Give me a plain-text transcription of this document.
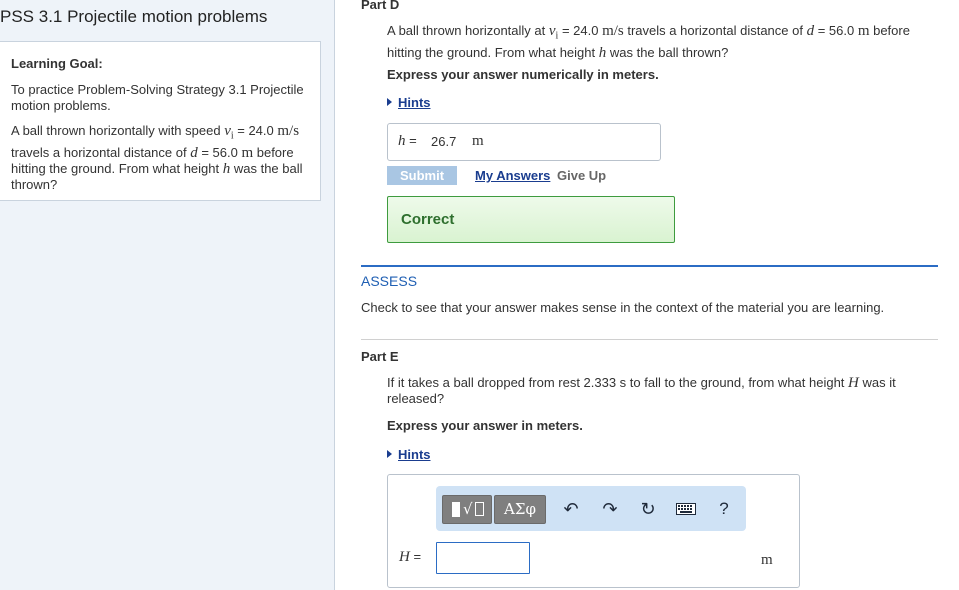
PSS 3.1 Projectile motion problems
Learning Goal:
To practice Problem-Solving Strategy 3.1 Projectile motion problems.
A ball thrown horizontally with speed $v_i = 24.0$ m/s travels a horizontal distance of d = 56.0 m before hitting the ground. From what height h was the ball thrown?
Part D
A ball thrown horizontally at $v_i = 24.0$ m/s travels a horizontal distance of d = 56.0 m before hitting the ground. From what height h was the ball thrown?
Express your answer numerically in meters.
Hints
h = 26.7 m
Submit	My Answers Give Up
Correct
ASSESS
Check to see that your answer makes sense in the context of the material you are learning.
Part E
If it takes a ball dropped from rest 2.333 s to fall to the ground, from what height H was it released?
Express your answer in meters.
Hints
√	ΑΣφ	↶	↷	↻	?
H =	m
